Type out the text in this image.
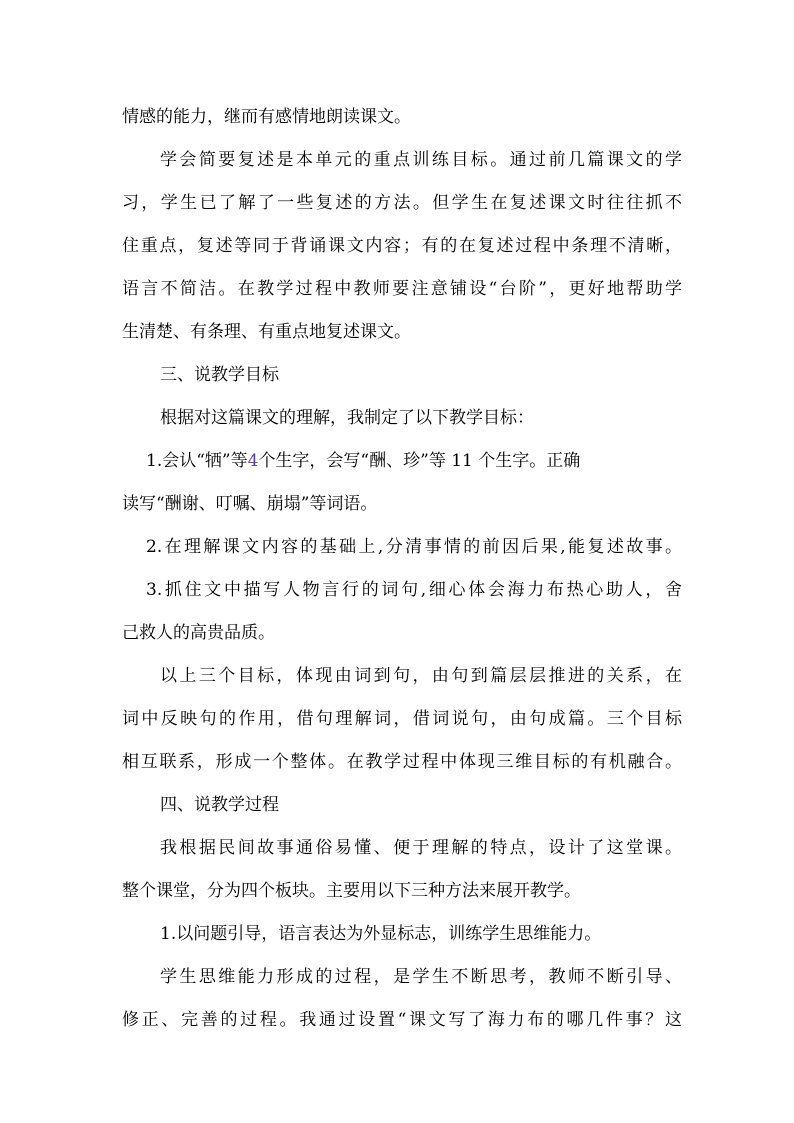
情感的能力，继而有感情地朗读课文。
学会简要复述是本单元的重点训练目标。通过前几篇课文的学
习，学生已了解了一些复述的方法。但学生在复述课文时往往抓不
住重点，复述等同于背诵课文内容；有的在复述过程中条理不清晰，
语言不简洁。在教学过程中教师要注意铺设“台阶”，更好地帮助学
生清楚、有条理、有重点地复述课文。
三、说教学目标
根据对这篇课文的理解，我制定了以下教学目标：
1.会认“牺”等4个生字，会写“酬、珍”等 11 个生字。正确
读写“酬谢、叮嘱、崩塌”等词语。
2.在理解课文内容的基础上,分清事情的前因后果,能复述故事。
3.抓住文中描写人物言行的词句,细心体会海力布热心助人，舍
己救人的高贵品质。
以上三个目标，体现由词到句，由句到篇层层推进的关系，在
词中反映句的作用，借句理解词，借词说句，由句成篇。三个目标
相互联系，形成一个整体。在教学过程中体现三维目标的有机融合。
四、说教学过程
我根据民间故事通俗易懂、便于理解的特点，设计了这堂课。
整个课堂，分为四个板块。主要用以下三种方法来展开教学。
1.以问题引导，语言表达为外显标志，训练学生思维能力。
学生思维能力形成的过程，是学生不断思考，教师不断引导、
修正、完善的过程。我通过设置“课文写了海力布的哪几件事？这
